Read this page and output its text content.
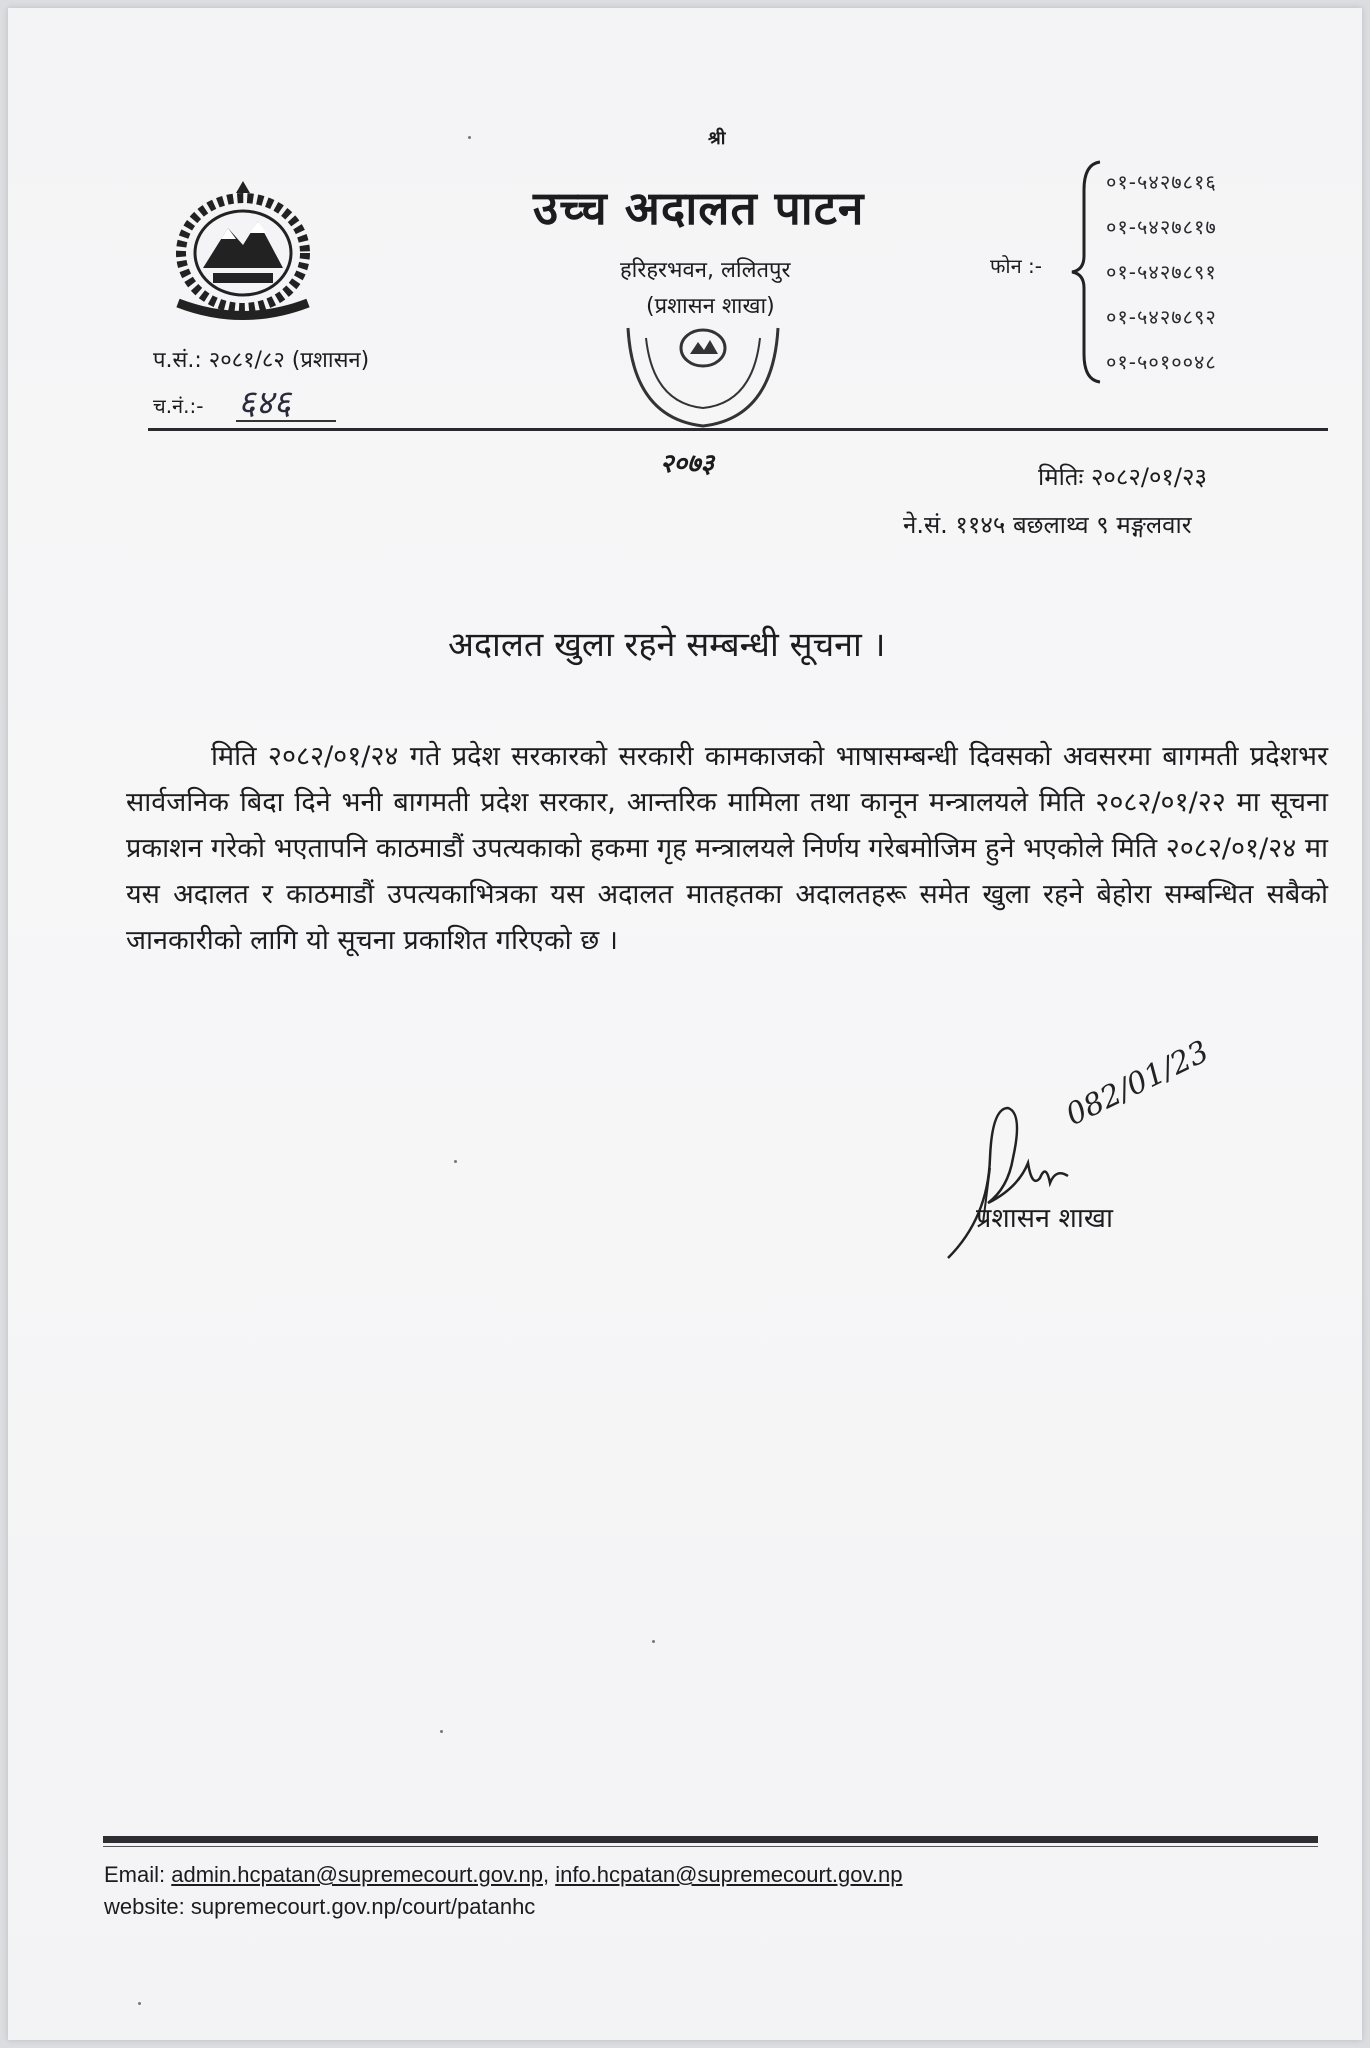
श्री
उच्च अदालत पाटन
हरिहरभवन, ललितपुर
(प्रशासन शाखा)
२०७३
प.सं.: २०८१/८२ (प्रशासन)
च.नं.:- ६४६
फोन :-
०१-५४२७८१६
०१-५४२७८१७
०१-५४२७८९१
०१-५४२७८९२
०१-५०१००४८
मितिः २०८२/०१/२३
ने.सं. ११४५ बछलाथ्व ९ मङ्गलवार
अदालत खुला रहने सम्बन्धी सूचना ।
मिति २०८२/०१/२४ गते प्रदेश सरकारको सरकारी कामकाजको भाषासम्बन्धी दिवसको अवसरमा बागमती प्रदेशभर सार्वजनिक बिदा दिने भनी बागमती प्रदेश सरकार, आन्तरिक मामिला तथा कानून मन्त्रालयले मिति २०८२/०१/२२ मा सूचना प्रकाशन गरेको भएतापनि काठमाडौं उपत्यकाको हकमा गृह मन्त्रालयले निर्णय गरेबमोजिम हुने भएकोले मिति २०८२/०१/२४ मा यस अदालत र काठमाडौं उपत्यकाभित्रका यस अदालत मातहतका अदालतहरू समेत खुला रहने बेहोरा सम्बन्धित सबैको जानकारीको लागि यो सूचना प्रकाशित गरिएको छ ।
082/01/23
प्रशासन शाखा
Email: admin.hcpatan@supremecourt.gov.np, info.hcpatan@supremecourt.gov.np
website: supremecourt.gov.np/court/patanhc
